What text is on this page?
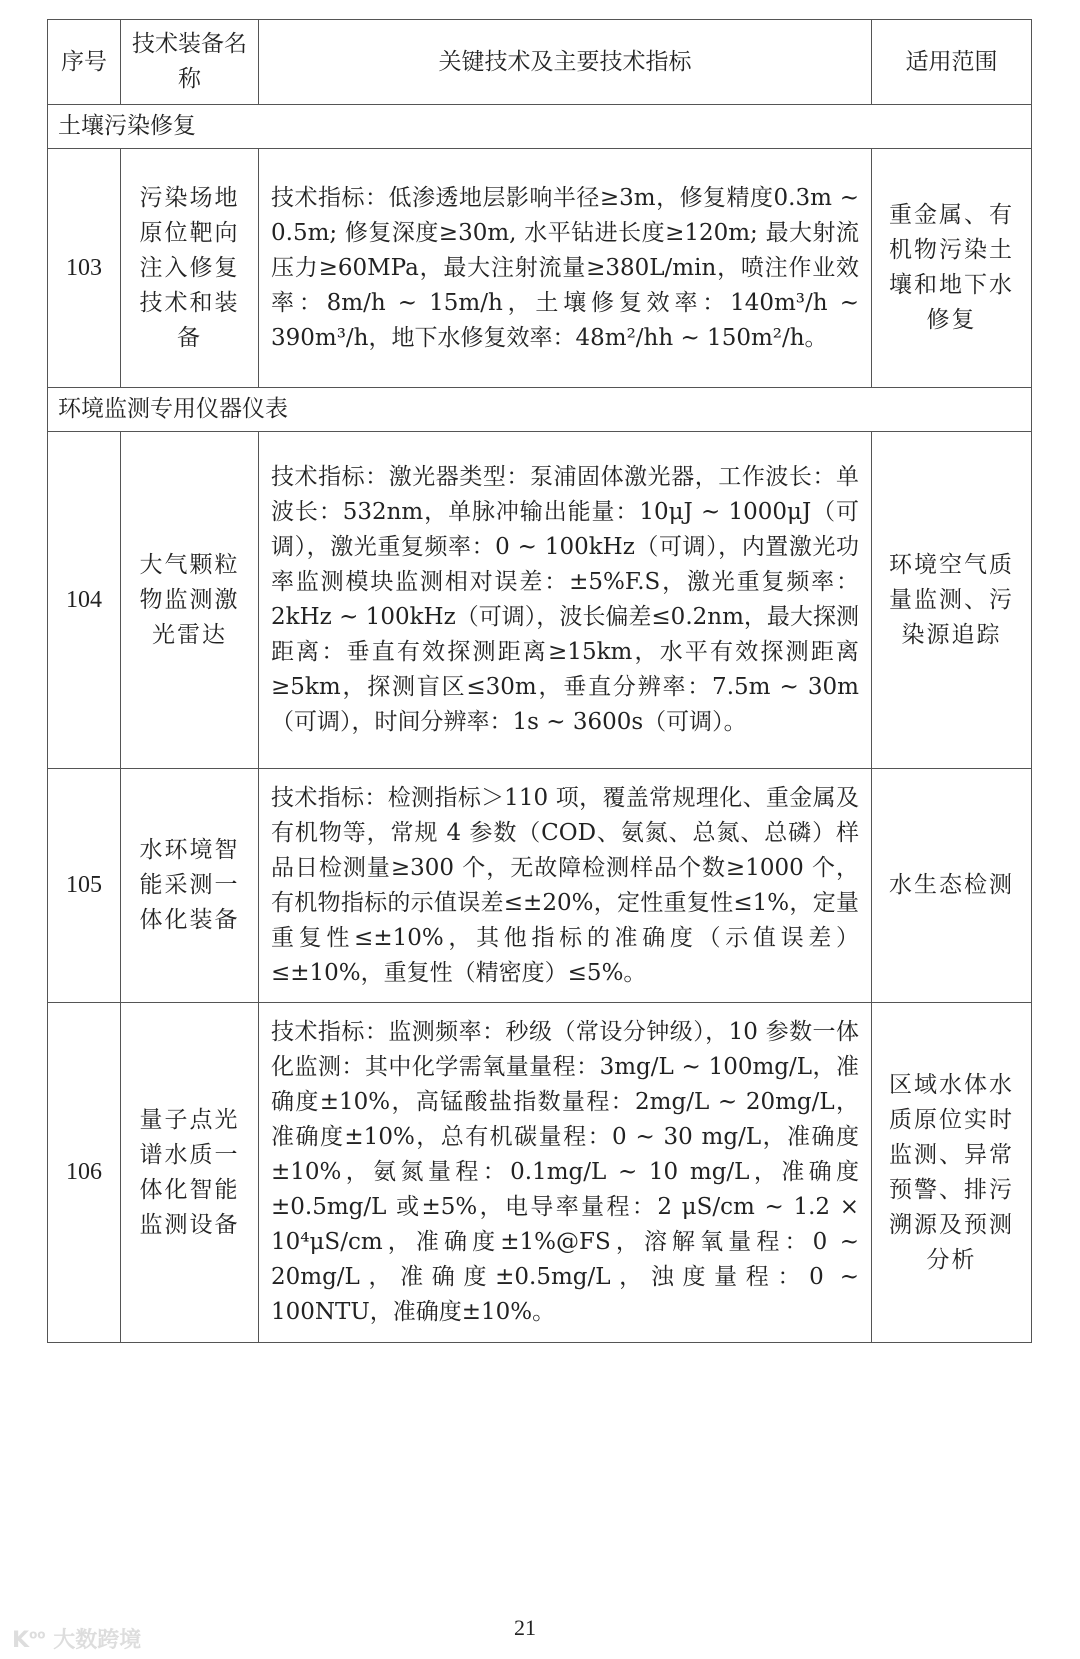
序号	技术装备名称	关键技术及主要技术指标	适用范围
土壤污染修复			
103	污染场地原位靶向注入修复技术和装备	技术指标：低渗透地层影响半径≥3m，修复精度0.3m ~ 0.5m; 修复深度≥30m, 水平钻进长度≥120m; 最大射流压力≥60MPa，最大注射流量≥380L/min，喷注作业效率：8m/h ~ 15m/h，土壤修复效率：140m³/h ~ 390m³/h，地下水修复效率：48m²/hh ~ 150m²/h。	重金属、有机物污染土壤和地下水修复
环境监测专用仪器仪表			
104	大气颗粒物监测激光雷达	技术指标：激光器类型：泵浦固体激光器，工作波长：单波长：532nm，单脉冲输出能量：10μJ ~ 1000μJ（可调），激光重复频率：0 ~ 100kHz（可调），内置激光功率监测模块监测相对误差：±5%F.S，激光重复频率：2kHz ~ 100kHz（可调），波长偏差≤0.2nm，最大探测距离：垂直有效探测距离≥15km，水平有效探测距离≥5km，探测盲区≤30m，垂直分辨率：7.5m ~ 30m（可调），时间分辨率：1s ~ 3600s（可调）。	环境空气质量监测、污染源追踪
105	水环境智能采测一体化装备	技术指标：检测指标＞110 项，覆盖常规理化、重金属及有机物等，常规 4 参数（COD、氨氮、总氮、总磷）样品日检测量≥300 个，无故障检测样品个数≥1000 个，有机物指标的示值误差≤±20%，定性重复性≤1%，定量重复性≤±10%，其他指标的准确度（示值误差）≤±10%，重复性（精密度）≤5%。	水生态检测
106	量子点光谱水质一体化智能监测设备	技术指标：监测频率：秒级（常设分钟级），10 参数一体化监测：其中化学需氧量量程：3mg/L ~ 100mg/L，准确度±10%，高锰酸盐指数量程：2mg/L ~ 20mg/L，准确度±10%，总有机碳量程：0 ~ 30 mg/L，准确度±10%，氨氮量程：0.1mg/L ~ 10 mg/L，准确度±0.5mg/L 或±5%，电导率量程：2 μS/cm ~ 1.2 × 10⁴μS/cm，准确度±1%@FS，溶解氧量程：0 ~ 20mg/L，准确度±0.5mg/L，浊度量程：0 ~ 100NTU，准确度±10%。	区域水体水质原位实时监测、异常预警、排污溯源及预测分析
$K^{oo}$ 大数跨境
21
